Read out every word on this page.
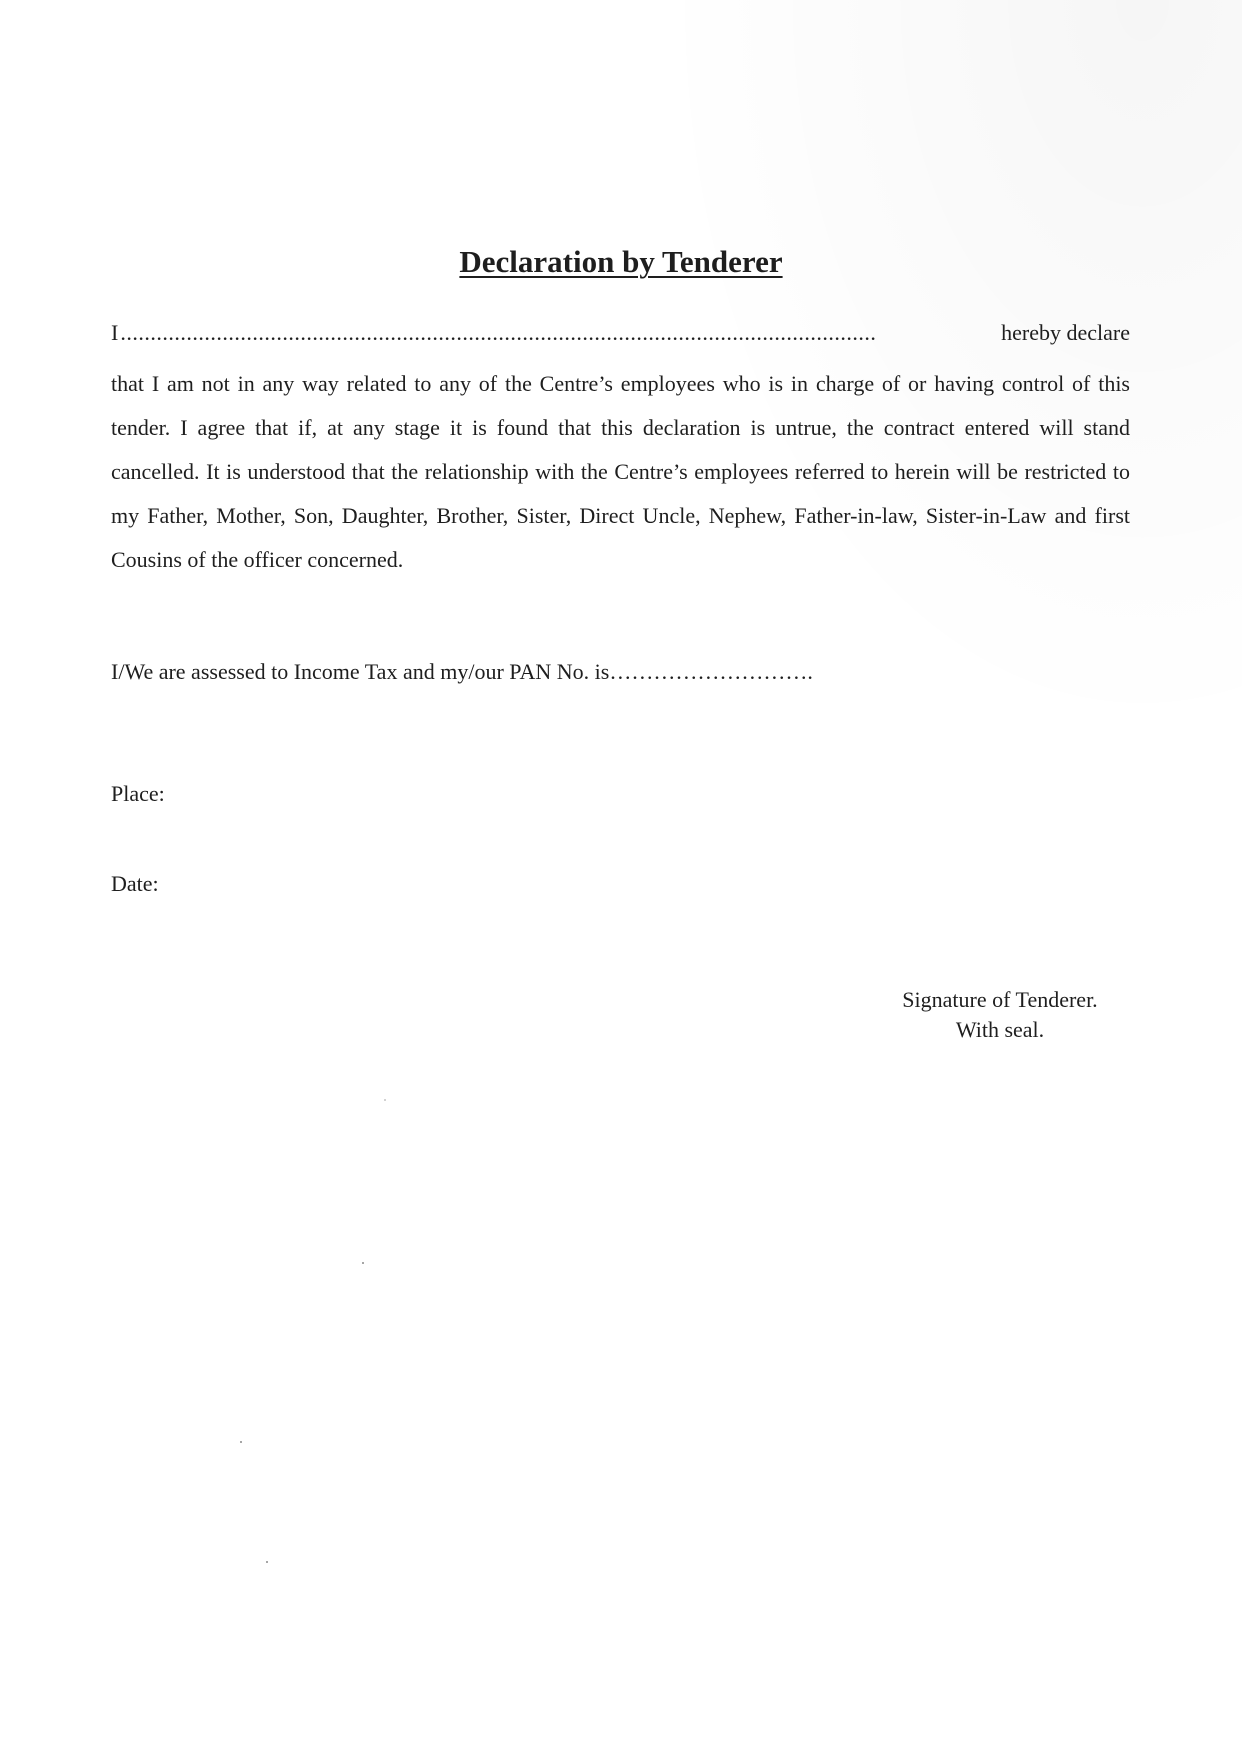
Declaration by Tenderer
I ..............................................................................................................................	hereby declare

that I am not in any way related to any of the Centre’s employees who is in charge of or having control of this tender. I agree that if, at any stage it is found that this declaration is untrue, the contract entered will stand cancelled. It is understood that the relationship with the Centre’s employees referred to herein will be restricted to my Father, Mother, Son, Daughter, Brother, Sister, Direct Uncle, Nephew, Father-in-law, Sister-in-Law and first Cousins of the officer concerned.

I/We are assessed to Income Tax and my/our PAN No. is……………………….
Place:
Date:
Signature of Tenderer.
With seal.
